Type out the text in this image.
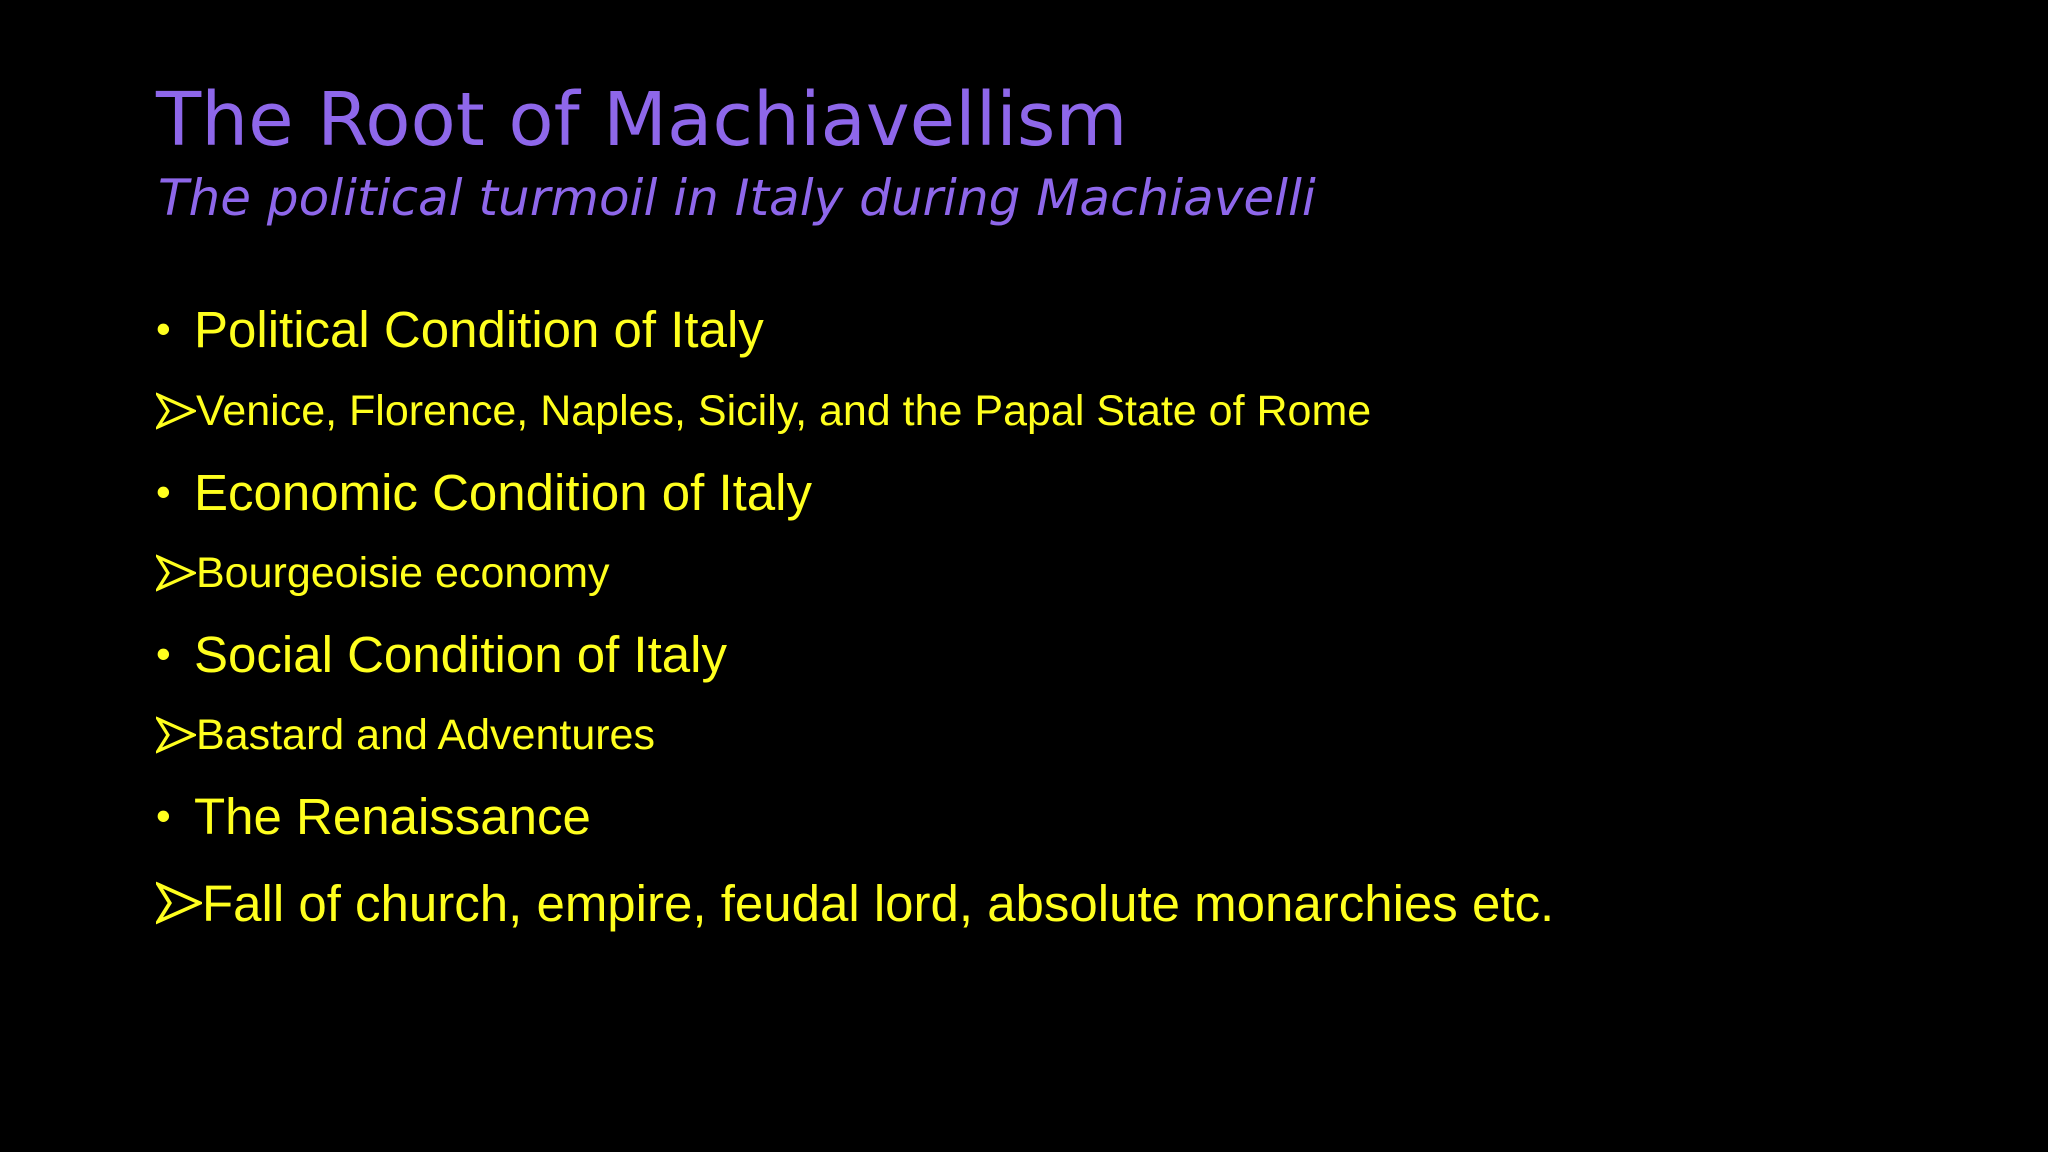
The Root of Machiavellism

The political turmoil in Italy during Machiavelli

• Political Condition of Italy
Venice, Florence, Naples, Sicily, and the Papal State of Rome
• Economic Condition of Italy
Bourgeoisie economy
• Social Condition of Italy
Bastard and Adventures
• The Renaissance
Fall of church, empire, feudal lord, absolute monarchies etc.
